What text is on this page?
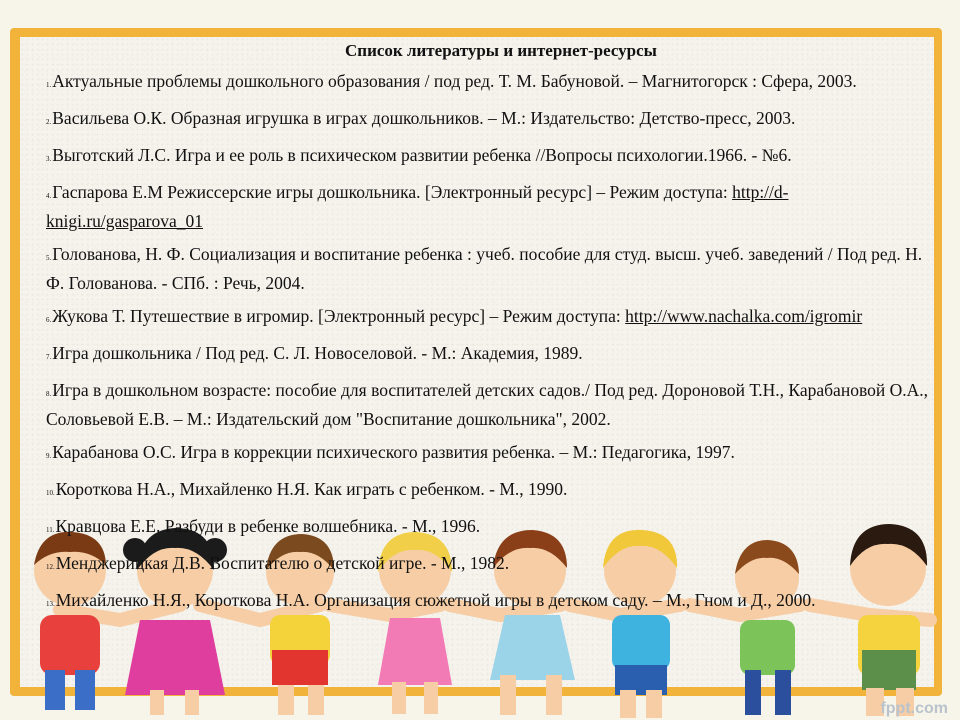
Список литературы и интернет-ресурсы
1.Актуальные проблемы дошкольного образования / под ред. Т. М. Бабуновой. – Магнитогорск : Сфера, 2003.
2.Васильева О.К. Образная игрушка в играх дошкольников. – М.: Издательство: Детство-пресс, 2003.
3.Выготский Л.С. Игра и ее роль в психическом развитии ребенка //Вопросы психологии.1966. - №6.
4.Гаспарова Е.М Режиссерские игры дошкольника. [Электронный ресурс] – Режим доступа: http://d-knigi.ru/gasparova_01
5.Голованова, Н. Ф. Социализация и воспитание ребенка : учеб. пособие для студ. высш. учеб. заведений / Под ред. Н. Ф. Голованова. - СПб. : Речь, 2004.
6.Жукова Т. Путешествие в игромир. [Электронный ресурс] – Режим доступа: http://www.nachalka.com/igromir
7.Игра дошкольника / Под ред. С. Л. Новоселовой. - М.: Академия, 1989.
8.Игра в дошкольном возрасте: пособие для воспитателей детских садов./ Под ред. Дороновой Т.Н., Карабановой О.А., Соловьевой Е.В. – М.: Издательский дом "Воспитание дошкольника", 2002.
9.Карабанова О.С. Игра в коррекции психического развития ребенка. – М.: Педагогика, 1997.
10.Короткова Н.А., Михайленко Н.Я. Как играть с ребенком. - М., 1990.
11.Кравцова Е.Е. Разбуди в ребенке волшебника. - М., 1996.
12.Менджерицкая Д.В. Воспитателю о детской игре. - М., 1982.
13.Михайленко Н.Я., Короткова Н.А. Организация сюжетной игры в детском саду. – М., Гном и Д., 2000.
fppt.com
